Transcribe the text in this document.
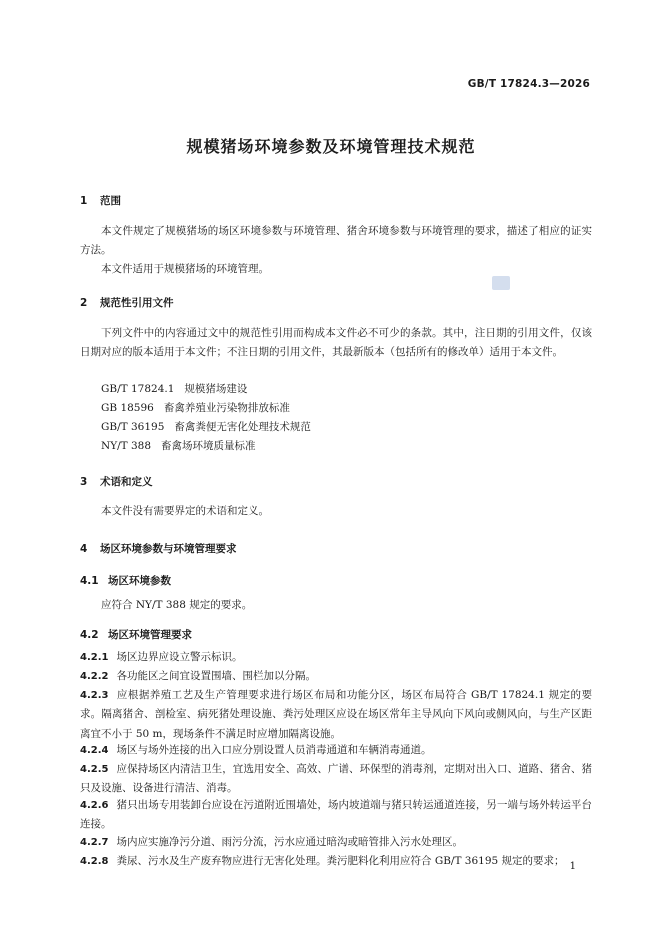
GB/T 17824.3—2026
规模猪场环境参数及环境管理技术规范
1 范围
本文件规定了规模猪场的场区环境参数与环境管理、猪舍环境参数与环境管理的要求，描述了相应的证实方法。
本文件适用于规模猪场的环境管理。
2 规范性引用文件
下列文件中的内容通过文中的规范性引用而构成本文件必不可少的条款。其中，注日期的引用文件，仅该日期对应的版本适用于本文件；不注日期的引用文件，其最新版本（包括所有的修改单）适用于本文件。
GB/T 17824.1 规模猪场建设
GB 18596 畜禽养殖业污染物排放标准
GB/T 36195 畜禽粪便无害化处理技术规范
NY/T 388 畜禽场环境质量标准
3 术语和定义
本文件没有需要界定的术语和定义。
4 场区环境参数与环境管理要求
4.1 场区环境参数
应符合 NY/T 388 规定的要求。
4.2 场区环境管理要求
4.2.1 场区边界应设立警示标识。
4.2.2 各功能区之间宜设置围墙、围栏加以分隔。
4.2.3 应根据养殖工艺及生产管理要求进行场区布局和功能分区，场区布局符合 GB/T 17824.1 规定的要求。隔离猪舍、剖检室、病死猪处理设施、粪污处理区应设在场区常年主导风向下风向或侧风向，与生产区距离宜不小于 50 m，现场条件不满足时应增加隔离设施。
4.2.4 场区与场外连接的出入口应分别设置人员消毒通道和车辆消毒通道。
4.2.5 应保持场区内清洁卫生，宜选用安全、高效、广谱、环保型的消毒剂，定期对出入口、道路、猪舍、猪只及设施、设备进行清洁、消毒。
4.2.6 猪只出场专用装卸台应设在污道附近围墙处，场内坡道端与猪只转运通道连接，另一端与场外转运平台连接。
4.2.7 场内应实施净污分道、雨污分流，污水应通过暗沟或暗管排入污水处理区。
4.2.8 粪尿、污水及生产废弃物应进行无害化处理。粪污肥料化利用应符合 GB/T 36195 规定的要求； 1
